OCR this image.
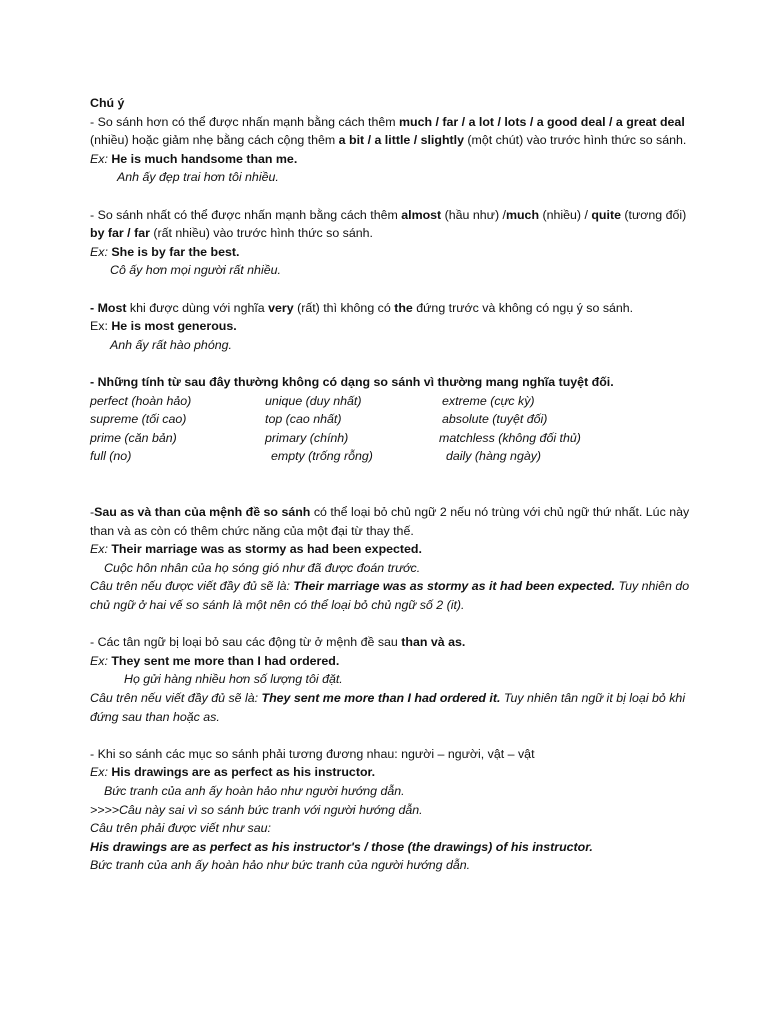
Chú ý

- So sánh hơn có thể được nhấn mạnh bằng cách thêm much / far / a lot / lots / a good deal / a great deal (nhiều) hoặc giảm nhẹ bằng cách cộng thêm a bit / a little / slightly (một chút) vào trước hình thức so sánh.

Ex: He is much handsome than me.

Anh ấy đẹp trai hơn tôi nhiều.

- So sánh nhất có thể được nhấn mạnh bằng cách thêm almost (hầu như) /much (nhiều) / quite (tương đối) by far / far (rất nhiều) vào trước hình thức so sánh.

Ex: She is by far the best.

Cô ấy hơn mọi người rất nhiều.

- Most khi được dùng với nghĩa very (rất) thì không có the đứng trước và không có ngụ ý so sánh.

Ex: He is most generous.

Anh ấy rất hào phóng.

- Những tính từ sau đây thường không có dạng so sánh vì thường mang nghĩa tuyệt đối.

perfect (hoàn hảo)	unique (duy nhất)	extreme (cực kỳ)
supreme (tối cao)	top (cao nhất)	absolute (tuyệt đối)
prime (căn bản)	primary (chính)	matchless (không đối thủ)
full (no)	empty (trống rỗng)	daily (hàng ngày)

-Sau as và than của mệnh đề so sánh có thể loại bỏ chủ ngữ 2 nếu nó trùng với chủ ngữ thứ nhất. Lúc này than và as còn có thêm chức năng của một đại từ thay thế.

Ex: Their marriage was as stormy as had been expected.

Cuộc hôn nhân của họ sóng gió như đã được đoán trước.

Câu trên nếu được viết đầy đủ sẽ là: Their marriage was as stormy as it had been expected. Tuy nhiên do chủ ngữ ở hai vế so sánh là một nên có thể loại bỏ chủ ngữ số 2 (it).

- Các tân ngữ bị loại bỏ sau các động từ ở mệnh đề sau than và as.

Ex: They sent me more than I had ordered.

Họ gửi hàng nhiều hơn số lượng tôi đặt.

Câu trên nếu viết đầy đủ sẽ là: They sent me more than I had ordered it. Tuy nhiên tân ngữ it bị loại bỏ khi đứng sau than hoặc as.

- Khi so sánh các mục so sánh phải tương đương nhau: người – người, vật – vật

Ex: His drawings are as perfect as his instructor.

Bức tranh của anh ấy hoàn hảo như người hướng dẫn.

>>>>Câu này sai vì so sánh bức tranh với người hướng dẫn.

Câu trên phải được viết như sau:

His drawings are as perfect as his instructor's / those (the drawings) of his instructor.

Bức tranh của anh ấy hoàn hảo như bức tranh của người hướng dẫn.
